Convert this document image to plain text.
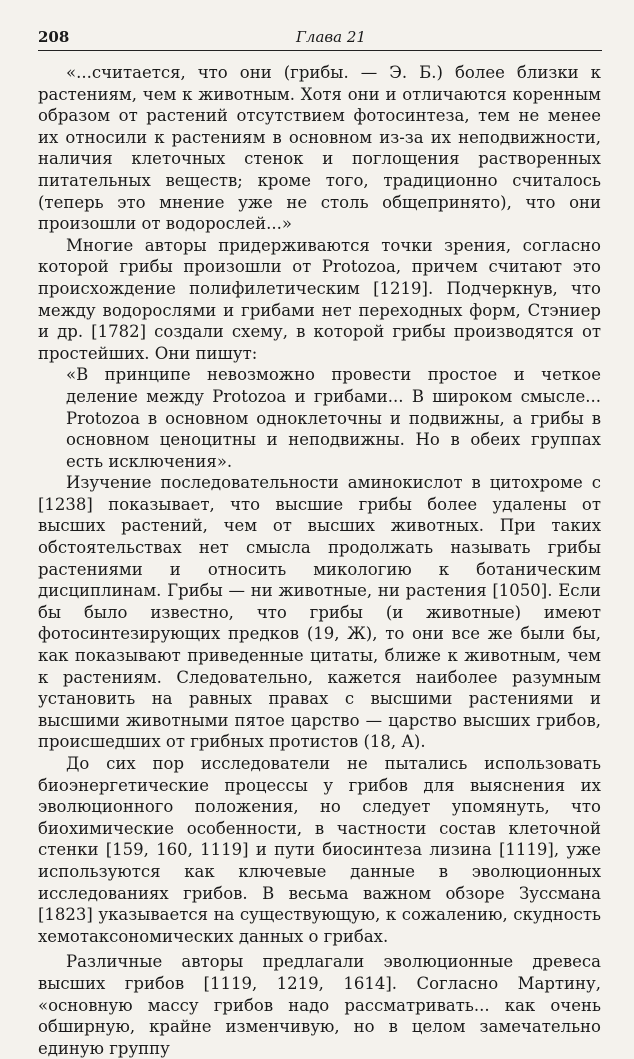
208	Глава 21

«...считается, что они (грибы. — Э. Б.) более близки к растениям, чем к животным. Хотя они и отличаются коренным образом от растений отсутствием фотосинтеза, тем не менее их относили к растениям в основном из-за их неподвижности, наличия клеточных стенок и поглощения растворенных питательных веществ; кроме того, традиционно считалось (теперь это мнение уже не столь общепринято), что они произошли от водорослей...»

Многие авторы придерживаются точки зрения, согласно которой грибы произошли от Protozoa, причем считают это происхождение полифилетическим [1219]. Подчеркнув, что между водорослями и грибами нет переходных форм, Стэниер и др. [1782] создали схему, в которой грибы производятся от простейших. Они пишут:

«В принципе невозможно провести простое и четкое деление между Protozoa и грибами... В широком смысле... Protozoa в основном одноклеточны и подвижны, а грибы в основном ценоцитны и неподвижны. Но в обеих группах есть исключения».

Изучение последовательности аминокислот в цитохроме c [1238] показывает, что высшие грибы более удалены от высших растений, чем от высших животных. При таких обстоятельствах нет смысла продолжать называть грибы растениями и относить микологию к ботаническим дисциплинам. Грибы — ни животные, ни растения [1050]. Если бы было известно, что грибы (и животные) имеют фотосинтезирующих предков (19, Ж), то они все же были бы, как показывают приведенные цитаты, ближе к животным, чем к растениям. Следовательно, кажется наиболее разумным установить на равных правах с высшими растениями и высшими животными пятое царство — царство высших грибов, происшедших от грибных протистов (18, А).

До сих пор исследователи не пытались использовать биоэнергетические процессы у грибов для выяснения их эволюционного положения, но следует упомянуть, что биохимические особенности, в частности состав клеточной стенки [159, 160, 1119] и пути биосинтеза лизина [1119], уже используются как ключевые данные в эволюционных исследованиях грибов. В весьма важном обзоре Зуссмана [1823] указывается на существующую, к сожалению, скудность хемотаксономических данных о грибах.

Различные авторы предлагали эволюционные древеса высших грибов [1119, 1219, 1614]. Согласно Мартину, «основную массу грибов надо рассматривать... как очень обширную, крайне изменчивую, но в целом замечательно единую группу
